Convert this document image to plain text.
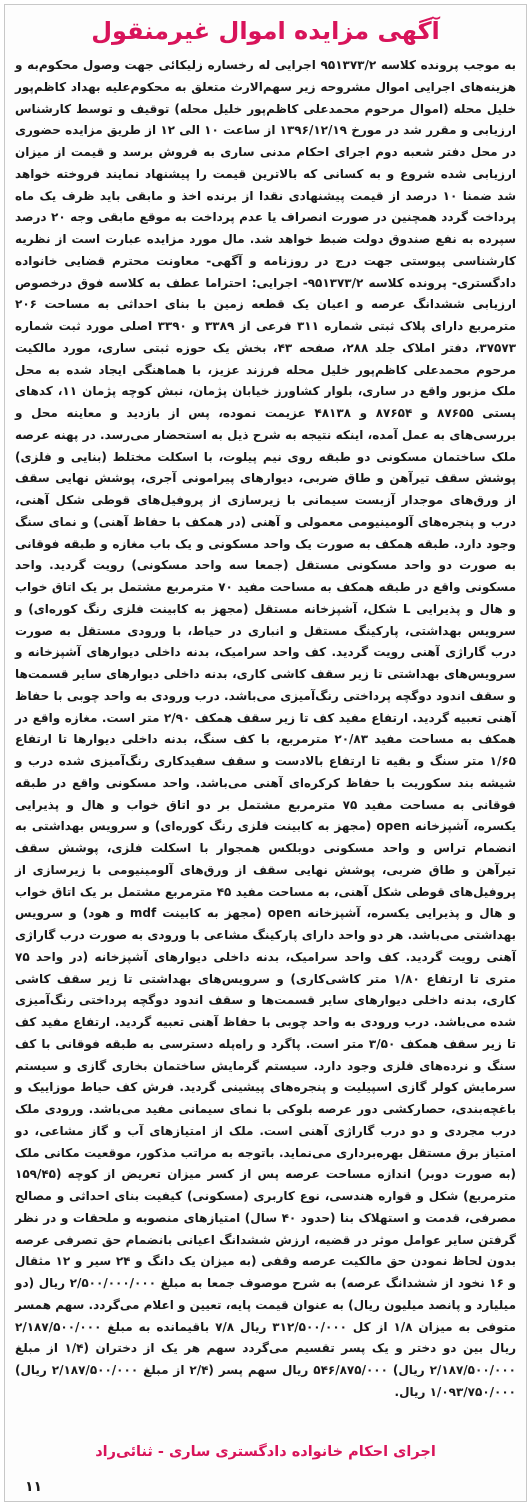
آگهی مزایده اموال غیرمنقول
به موجب پرونده کلاسه ۹۵۱۳۷۳/۲ اجرایی له رخساره زلیکائی جهت وصول محکوم‌به و هزینه‌های اجرایی اموال مشروحه زیر سهم‌الارث متعلق به محکوم‌علیه بهداد کاظم‌پور خلیل محله (اموال مرحوم محمدعلی کاظم‌پور خلیل محله) توقیف و توسط کارشناس ارزیابی و مقرر شد در مورخ ۱۳۹۶/۱۲/۱۹ از ساعت ۱۰ الی ۱۲ از طریق مزایده حضوری در محل دفتر شعبه دوم اجرای احکام مدنی ساری به فروش برسد و قیمت از میزان ارزیابی شده شروع و به کسانی که بالاترین قیمت را پیشنهاد نمایند فروخته خواهد شد ضمنا ۱۰ درصد از قیمت پیشنهادی نقدا از برنده اخذ و مابقی باید ظرف یک ماه پرداخت گردد همچنین در صورت انصراف یا عدم پرداخت به موقع مابقی وجه ۲۰ درصد سپرده به نفع صندوق دولت ضبط خواهد شد. مال مورد مزایده عبارت است از نظریه کارشناسی پیوستی جهت درج در روزنامه و آگهی- معاونت محترم قضایی خانواده دادگستری- پرونده کلاسه ۹۵۱۳۷۳/۲- اجرایی: احتراما عطف به کلاسه فوق درخصوص ارزیابی ششدانگ عرصه و اعیان یک قطعه زمین با بنای احداثی به مساحت ۲۰۶ مترمربع دارای پلاک ثبتی شماره ۳۱۱ فرعی از ۳۳۸۹ و ۳۳۹۰ اصلی مورد ثبت شماره ۳۷۵۷۳، دفتر املاک جلد ۲۸۸، صفحه ۴۳، بخش یک حوزه ثبتی ساری، مورد مالکیت مرحوم محمدعلی کاظم‌پور خلیل محله فرزند عزیز، با هماهنگی ایجاد شده به محل ملک مزبور واقع در ساری، بلوار کشاورز خیابان پژمان، نبش کوچه پژمان ۱۱، کدهای پستی ۸۷۶۵۵ و ۸۷۶۵۴ و ۴۸۱۳۸ عزیمت نموده، پس از بازدید و معاینه محل و بررسی‌های به عمل آمده، اینکه نتیجه به شرح ذیل به استحضار می‌رسد. در پهنه عرصه ملک ساختمان مسکونی دو طبقه روی نیم پیلوت، با اسکلت مختلط (بنایی و فلزی) پوشش سقف تیرآهن و طاق ضربی، دیوارهای پیرامونی آجری، پوشش نهایی سقف از ورق‌های موجدار آزبست سیمانی با زیرسازی از پروفیل‌های قوطی شکل آهنی، درب و پنجره‌های آلومینیومی معمولی و آهنی (در همکف با حفاظ آهنی) و نمای سنگ وجود دارد. طبقه همکف به صورت یک واحد مسکونی و یک باب مغازه و طبقه فوقانی به صورت دو واحد مسکونی مستقل (جمعا سه واحد مسکونی) رویت گردید. واحد مسکونی واقع در طبقه همکف به مساحت مفید ۷۰ مترمربع مشتمل بر یک اتاق خواب و هال و پذیرایی L شکل، آشپزخانه مستقل (مجهز به کابینت فلزی رنگ کوره‌ای) و سرویس بهداشتی، پارکینگ مستقل و انباری در حیاط، با ورودی مستقل به صورت درب گاراژی آهنی رویت گردید. کف واحد سرامیک، بدنه داخلی دیوارهای آشپزخانه و سرویس‌های بهداشتی تا زیر سقف کاشی کاری، بدنه داخلی دیوارهای سایر قسمت‌ها و سقف اندود دوگچه پرداختی رنگ‌آمیزی می‌باشد. درب ورودی به واحد چوبی با حفاظ آهنی تعبیه گردید. ارتفاع مفید کف تا زیر سقف همکف ۲/۹۰ متر است. مغازه واقع در همکف به مساحت مفید ۲۰/۸۳ مترمربع، با کف سنگ، بدنه داخلی دیوارها تا ارتفاع ۱/۶۵ متر سنگ و بقیه تا ارتفاع بالادست و سقف سفیدکاری رنگ‌آمیزی شده درب و شیشه بند سکوریت با حفاظ کرکره‌ای آهنی می‌باشد. واحد مسکونی واقع در طبقه فوقانی به مساحت مفید ۷۵ مترمربع مشتمل بر دو اتاق خواب و هال و پذیرایی یکسره، آشپزخانه open (مجهز به کابینت فلزی رنگ کوره‌ای) و سرویس بهداشتی به انضمام تراس و واحد مسکونی دوبلکس همجوار با اسکلت فلزی، پوشش سقف تیرآهن و طاق ضربی، پوشش نهایی سقف از ورق‌های آلومینیومی با زیرسازی از پروفیل‌های قوطی شکل آهنی، به مساحت مفید ۴۵ مترمربع مشتمل بر یک اتاق خواب و هال و پذیرایی یکسره، آشپزخانه open (مجهز به کابینت mdf و هود) و سرویس بهداشتی می‌باشد. هر دو واحد دارای پارکینگ مشاعی با ورودی به صورت درب گاراژی آهنی رویت گردید. کف واحد سرامیک، بدنه داخلی دیوارهای آشپزخانه (در واحد ۷۵ متری تا ارتفاع ۱/۸۰ متر کاشی‌کاری) و سرویس‌های بهداشتی تا زیر سقف کاشی کاری، بدنه داخلی دیوارهای سایر قسمت‌ها و سقف اندود دوگچه پرداختی رنگ‌آمیزی شده می‌باشد. درب ورودی به واحد چوبی با حفاظ آهنی تعبیه گردید. ارتفاع مفید کف تا زیر سقف همکف ۳/۵۰ متر است. پاگرد و راه‌پله دسترسی به طبقه فوقانی با کف سنگ و نرده‌های فلزی وجود دارد. سیستم گرمایش ساختمان بخاری گازی و سیستم سرمایش کولر گازی اسپیلیت و پنجره‌های پیشینی گردید. فرش کف حیاط موزاییک و باغچه‌بندی، حصارکشی دور عرصه بلوکی با نمای سیمانی مفید می‌باشد. ورودی ملک درب مجردی و دو درب گاراژی آهنی است. ملک از امتیازهای آب و گاز مشاعی، دو امتیاز برق مستقل بهره‌برداری می‌نماید. باتوجه به مراتب مذکور، موقعیت مکانی ملک (به صورت دوبر) اندازه مساحت عرصه پس از کسر میزان تعریض از کوچه (۱۵۹/۴۵ مترمربع) شکل و قواره هندسی، نوع کاربری (مسکونی) کیفیت بنای احداثی و مصالح مصرفی، قدمت و استهلاک بنا (حدود ۴۰ سال) امتیازهای منصوبه و ملحقات و در نظر گرفتن سایر عوامل موثر در قضیه، ارزش ششدانگ اعیانی بانضمام حق تصرفی عرصه بدون لحاظ نمودن حق مالکیت عرصه وقفی (به میزان یک دانگ و ۲۴ سیر و ۱۲ مثقال و ۱۶ نخود از ششدانگ عرصه) به شرح موصوف جمعا به مبلغ ۲/۵۰۰/۰۰۰/۰۰۰ ریال (دو میلیارد و پانصد میلیون ریال) به عنوان قیمت پایه، تعیین و اعلام می‌گردد. سهم همسر متوفی به میزان ۱/۸ از کل ۳۱۲/۵۰۰/۰۰۰ ریال ۷/۸ باقیمانده به مبلغ ۲/۱۸۷/۵۰۰/۰۰۰ ریال بین دو دختر و یک پسر تقسیم می‌گردد سهم هر یک از دختران (۱/۴ از مبلغ ۲/۱۸۷/۵۰۰/۰۰۰ ریال) ۵۴۶/۸۷۵/۰۰۰ ریال سهم پسر (۲/۴ از مبلغ ۲/۱۸۷/۵۰۰/۰۰۰ ریال) ۱/۰۹۳/۷۵۰/۰۰۰ ریال.
اجرای احکام خانواده دادگستری ساری - ثنائی‌راد
۱۱
